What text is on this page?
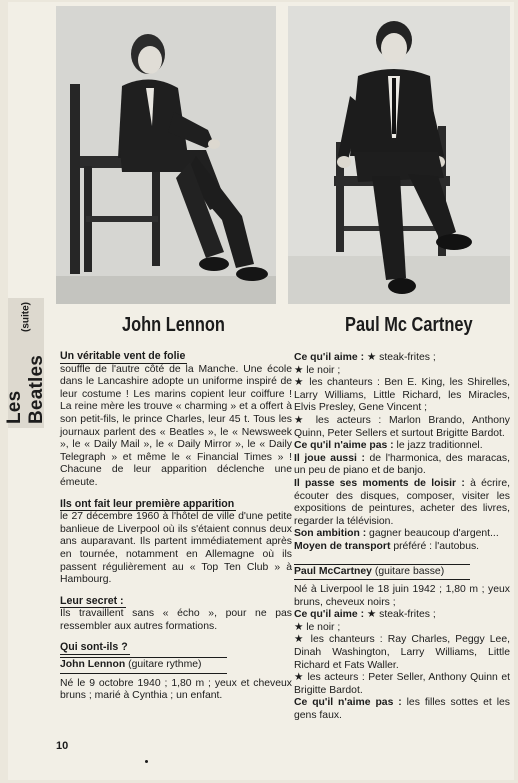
Les Beatles
(suite)	John Lennon	Paul Mc Cartney
Un véritable vent de folie
souffle de l'autre côté de la Manche. Une école dans le Lancashire adopte un uniforme inspiré de leur costume ! Les marins copient leur coiffure ! La reine mère les trouve « charming » et a offert à son petit-fils, le prince Charles, leur 45 t. Tous les journaux parlent des « Beatles », le « Newsweek », le « Daily Mail », le « Daily Mirror », le « Daily Telegraph » et même le « Financial Times » ! Chacune de leur apparition déclenche une émeute.
Ils ont fait leur première apparition
le 27 décembre 1960 à l'hôtel de ville d'une petite banlieue de Liverpool où ils s'étaient connus deux ans auparavant. Ils partent immédiatement après en tournée, notamment en Allemagne où ils passent régulièrement au « Top Ten Club » à Hambourg.
Leur secret :
Ils travaillent sans « écho », pour ne pas ressembler aux autres formations.
Qui sont-ils ?
John Lennon (guitare rythme)
Né le 9 octobre 1940 ; 1,80 m ; yeux et cheveux bruns ; marié à Cynthia ; un enfant.
Ce qu'il aime : ★ steak-frites ;
★ le noir ;
★ les chanteurs : Ben E. King, les Shirelles, Larry Williams, Little Richard, les Miracles, Elvis Presley, Gene Vincent ;
★ les acteurs : Marlon Brando, Anthony Quinn, Peter Sellers et surtout Brigitte Bardot.
Ce qu'il n'aime pas : le jazz traditionnel.
Il joue aussi : de l'harmonica, des maracas, un peu de piano et de banjo.
Il passe ses moments de loisir : à écrire, écouter des disques, composer, visiter les expositions de peintures, acheter des livres, regarder la télévision.
Son ambition : gagner beaucoup d'argent...
Moyen de transport préféré : l'autobus.
Paul McCartney (guitare basse)
Né à Liverpool le 18 juin 1942 ; 1,80 m ; yeux bruns, cheveux noirs ;
Ce qu'il aime : ★ steak-frites ;
★ le noir ;
★ les chanteurs : Ray Charles, Peggy Lee, Dinah Washington, Larry Williams, Little Richard et Fats Waller.
★ les acteurs : Peter Seller, Anthony Quinn et Brigitte Bardot.
Ce qu'il n'aime pas : les filles sottes et les gens faux.
10
